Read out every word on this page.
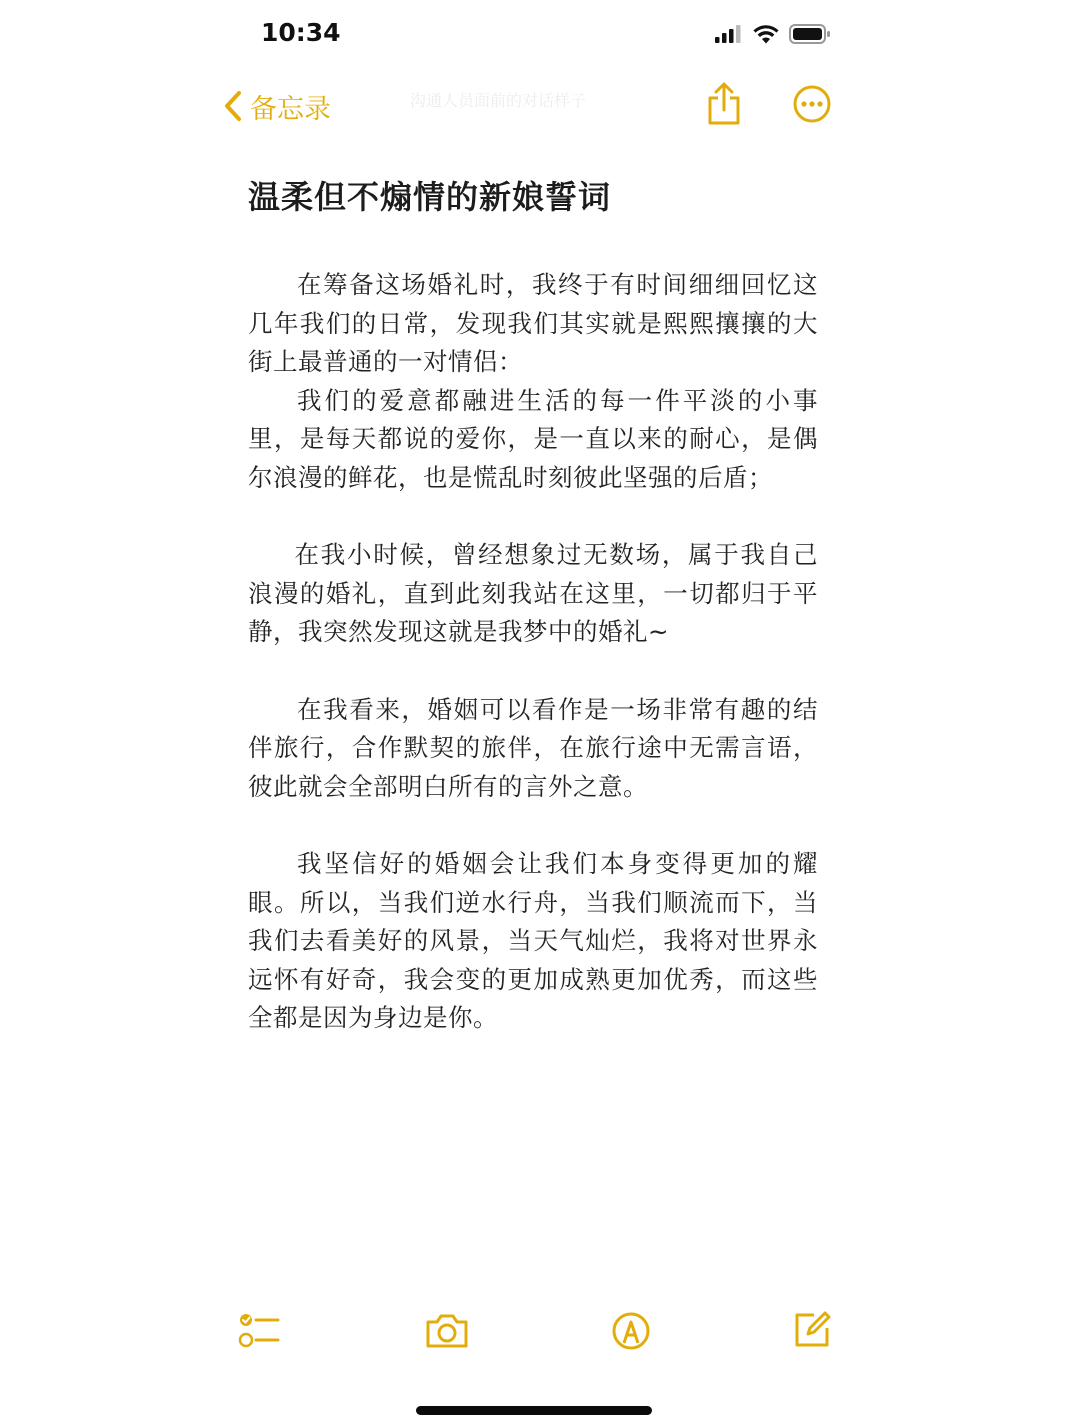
10:34
备忘录	沟通人员面前的对话样子
温柔但不煽情的新娘誓词

在筹备这场婚礼时，我终于有时间细细回忆这几年我们的日常，发现我们其实就是熙熙攘攘的大街上最普通的一对情侣：

我们的爱意都融进生活的每一件平淡的小事里，是每天都说的爱你，是一直以来的耐心，是偶尔浪漫的鲜花，也是慌乱时刻彼此坚强的后盾；

在我小时候，曾经想象过无数场，属于我自己浪漫的婚礼，直到此刻我站在这里，一切都归于平静，我突然发现这就是我梦中的婚礼~

在我看来，婚姻可以看作是一场非常有趣的结伴旅行，合作默契的旅伴，在旅行途中无需言语，彼此就会全部明白所有的言外之意。

我坚信好的婚姻会让我们本身变得更加的耀眼。所以，当我们逆水行舟，当我们顺流而下，当我们去看美好的风景，当天气灿烂，我将对世界永远怀有好奇，我会变的更加成熟更加优秀，而这些全都是因为身边是你。
